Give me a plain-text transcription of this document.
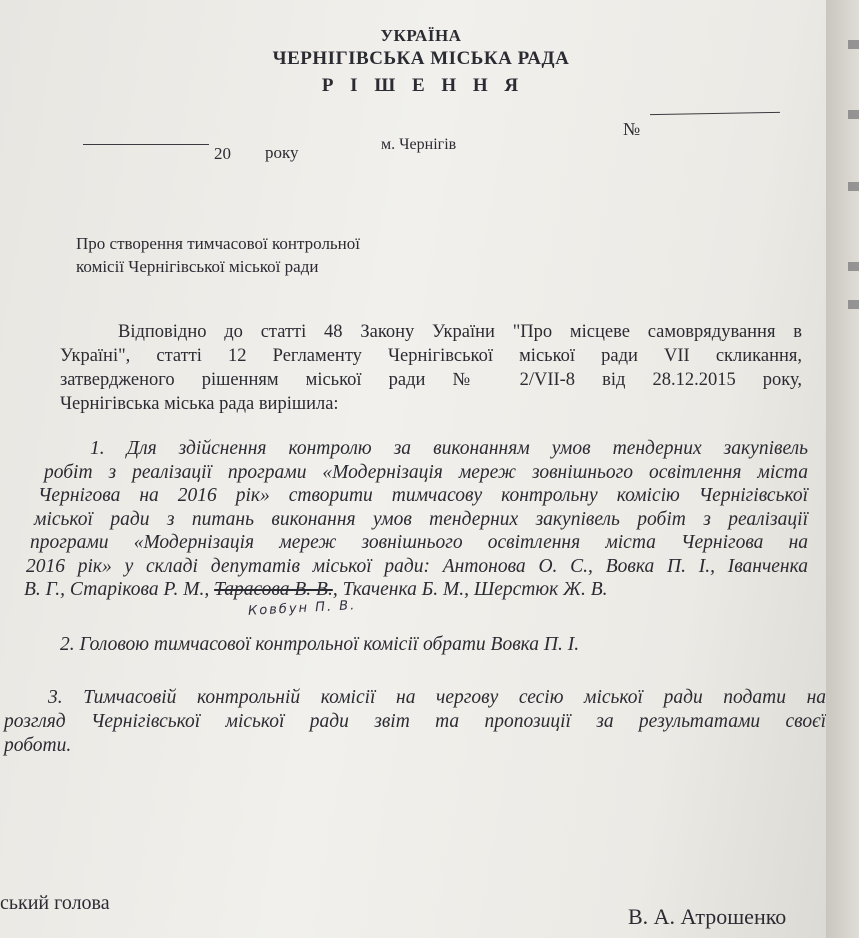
УКРАЇНА
ЧЕРНІГІВСЬКА МІСЬКА РАДА
Р І Ш Е Н Н Я
20 року	м. Чернігів
№
Про створення тимчасової контрольної
комісії Чернігівської міської ради
Відповідно до статті 48 Закону України "Про місцеве самоврядування в
Україні", статті 12 Регламенту Чернігівської міської ради VII скликання,
затвердженого рішенням міської ради № 2/VII-8 від 28.12.2015 року,
Чернігівська міська рада вирішила:
1. Для здійснення контролю за виконанням умов тендерних закупівель
робіт з реалізації програми «Модернізація мереж зовнішнього освітлення міста
Чернігова на 2016 рік» створити тимчасову контрольну комісію Чернігівської
міської ради з питань виконання умов тендерних закупівель робіт з реалізації
програми «Модернізація мереж зовнішнього освітлення міста Чернігова на
2016 рік» у складі депутатів міської ради: Антонова О. С., Вовка П. І., Іванченка
В. Г., Старікова Р. М., Тарасова В. В., Ткаченка Б. М., Шерстюк Ж. В.
Ковбун П. В.
2. Головою тимчасової контрольної комісії обрати Вовка П. І.
3. Тимчасовій контрольній комісії на чергову сесію міської ради подати на
розгляд Чернігівської міської ради звіт та пропозиції за результатами своєї
роботи.
ський голова
В. А. Атрошенко
